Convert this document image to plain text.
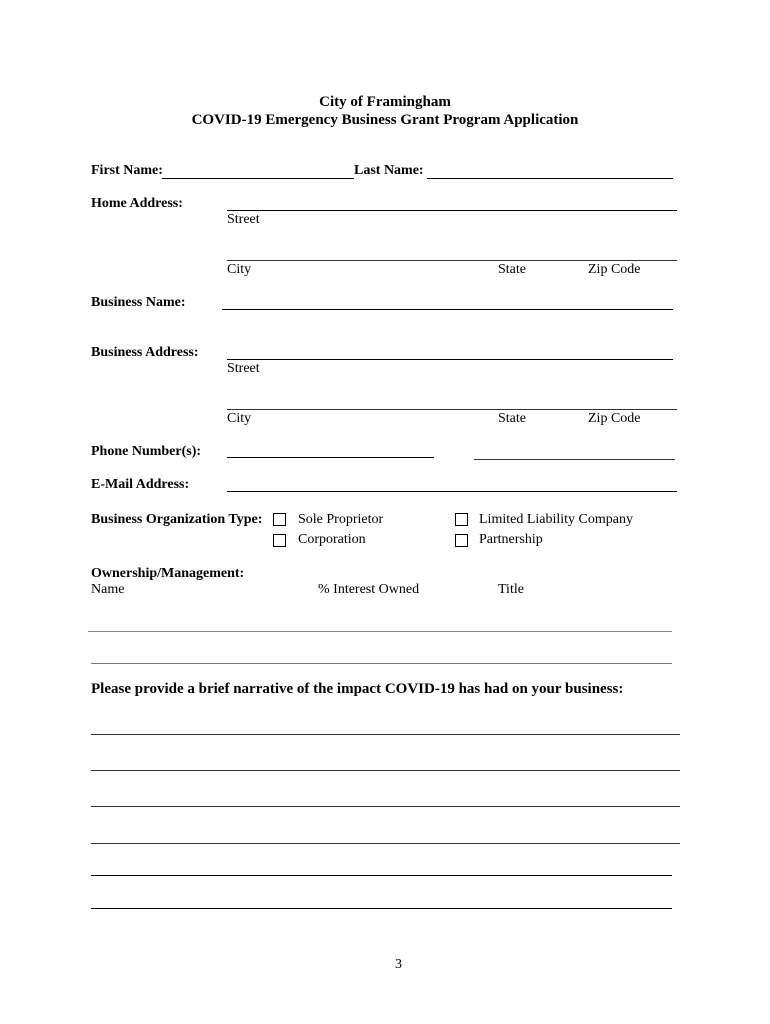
City of Framingham
COVID-19 Emergency Business Grant Program Application
First Name:	Last Name:
Home Address:
Street
City	State	Zip Code
Business Name:
Business Address:
Street
City	State	Zip Code
Phone Number(s):
E-Mail Address:
Business Organization Type:	Sole Proprietor	Limited Liability Company
Corporation	Partnership
Ownership/Management:
Name	% Interest Owned	Title
Please provide a brief narrative of the impact COVID-19 has had on your business:
3
